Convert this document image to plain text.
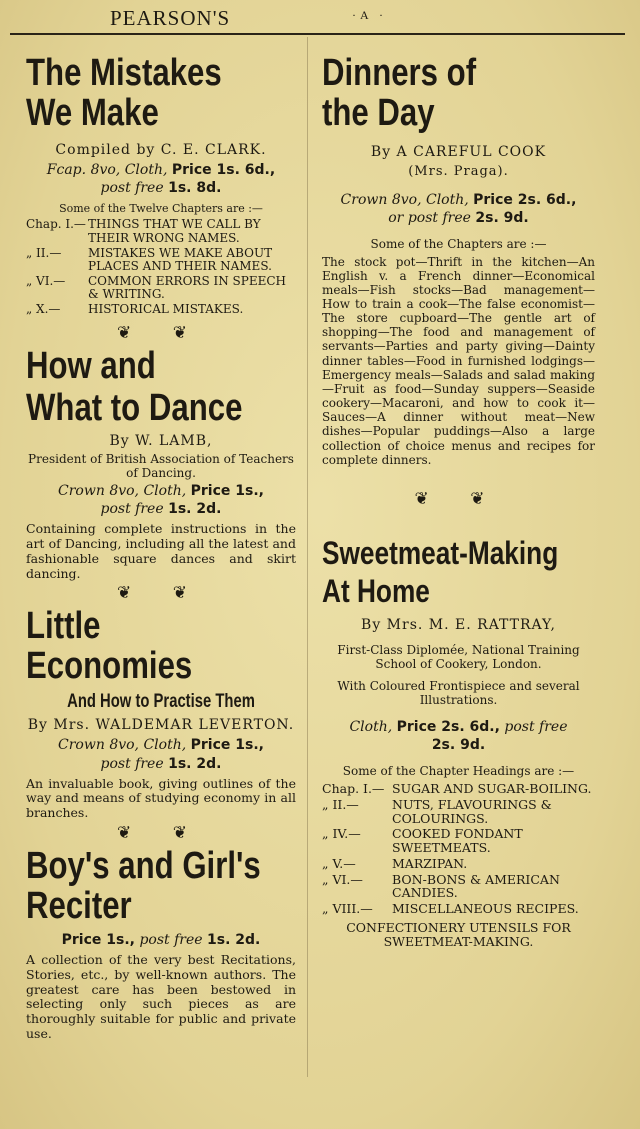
PEARSON'S	·A ·
The Mistakes
We Make
Compiled by C. E. CLARK.
Fcap. 8vo, Cloth, Price 1s. 6d.,
post free 1s. 8d.
Some of the Twelve Chapters are :—
Chap. I.—	THINGS THAT WE CALL BY THEIR WRONG NAMES.
„ II.—	MISTAKES WE MAKE ABOUT PLACES AND THEIR NAMES.
„ VI.—	COMMON ERRORS IN SPEECH & WRITING.
„ X.—	HISTORICAL MISTAKES.
❦ ❦
How and
What to Dance
By W. LAMB,
President of British Association of Teachers of Dancing.
Crown 8vo, Cloth, Price 1s.,
post free 1s. 2d.
Containing complete instructions in the art of Dancing, including all the latest and fashionable square dances and skirt dancing.
❦ ❦
Little
Economies
And How to Practise Them
By Mrs. WALDEMAR LEVERTON.
Crown 8vo, Cloth, Price 1s.,
post free 1s. 2d.
An invaluable book, giving outlines of the way and means of studying economy in all branches.
❦ ❦
Boy's and Girl's
Reciter
Price 1s., post free 1s. 2d.
A collection of the very best Recitations, Stories, etc., by well-known authors. The greatest care has been bestowed in selecting only such pieces as are thoroughly suitable for public and private use.
Dinners of
the Day
By A CAREFUL COOK
(Mrs. Praga).
Crown 8vo, Cloth, Price 2s. 6d.,
or post free 2s. 9d.
Some of the Chapters are :—
The stock pot—Thrift in the kitchen—An English v. a French dinner—Economical meals—Fish stocks—Bad management—How to train a cook—The false economist—The store cupboard—The gentle art of shopping—The food and management of servants—Parties and party giving—Dainty dinner tables—Food in furnished lodgings—Emergency meals—Salads and salad making—Fruit as food—Sunday suppers—Seaside cookery—Macaroni, and how to cook it—Sauces—A dinner without meat—New dishes—Popular puddings—Also a large collection of choice menus and recipes for complete dinners.
❦ ❦
Sweetmeat-Making
At Home
By Mrs. M. E. RATTRAY,
First-Class Diplomée, National Training School of Cookery, London.
With Coloured Frontispiece and several Illustrations.
Cloth, Price 2s. 6d., post free
2s. 9d.
Some of the Chapter Headings are :—
Chap. I.—	SUGAR AND SUGAR-BOILING.
„ II.—	NUTS, FLAVOURINGS & COLOURINGS.
„ IV.—	COOKED FONDANT SWEETMEATS.
„ V.—	MARZIPAN.
„ VI.—	BON-BONS & AMERICAN CANDIES.
„ VIII.—	MISCELLANEOUS RECIPES.
CONFECTIONERY UTENSILS FOR SWEETMEAT-MAKING.
